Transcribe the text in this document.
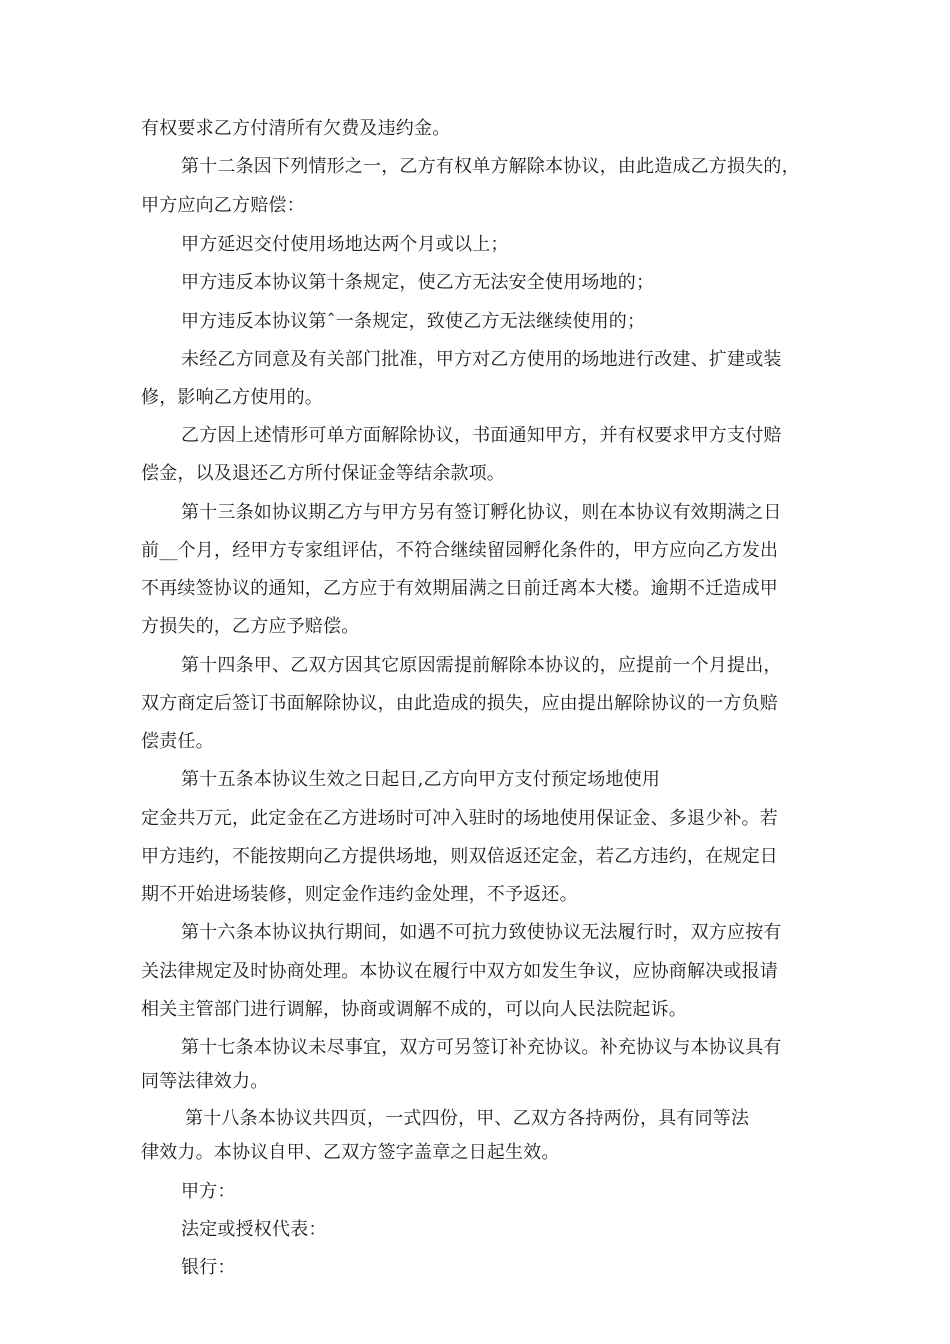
有权要求乙方付清所有欠费及违约金。
第十二条因下列情形之一，乙方有权单方解除本协议，由此造成乙方损失的，
甲方应向乙方赔偿：
甲方延迟交付使用场地达两个月或以上；
甲方违反本协议第十条规定，使乙方无法安全使用场地的；
甲方违反本协议第ˆ一条规定，致使乙方无法继续使用的；
未经乙方同意及有关部门批准，甲方对乙方使用的场地进行改建、扩建或装
修，影响乙方使用的。
乙方因上述情形可单方面解除协议，书面通知甲方，并有权要求甲方支付赔
偿金，以及退还乙方所付保证金等结余款项。
第十三条如协议期乙方与甲方另有签订孵化协议，则在本协议有效期满之日
前__个月，经甲方专家组评估，不符合继续留园孵化条件的，甲方应向乙方发出
不再续签协议的通知，乙方应于有效期届满之日前迁离本大楼。逾期不迁造成甲
方损失的，乙方应予赔偿。
第十四条甲、乙双方因其它原因需提前解除本协议的，应提前一个月提出，
双方商定后签订书面解除协议，由此造成的损失，应由提出解除协议的一方负赔
偿责任。
第十五条本协议生效之日起日,乙方向甲方支付预定场地使用
定金共万元，此定金在乙方进场时可冲入驻时的场地使用保证金、多退少补。若
甲方违约，不能按期向乙方提供场地，则双倍返还定金，若乙方违约，在规定日
期不开始进场装修，则定金作违约金处理，不予返还。
第十六条本协议执行期间，如遇不可抗力致使协议无法履行时，双方应按有
关法律规定及时协商处理。本协议在履行中双方如发生争议，应协商解决或报请
相关主管部门进行调解，协商或调解不成的，可以向人民法院起诉。
第十七条本协议未尽事宜，双方可另签订补充协议。补充协议与本协议具有
同等法律效力。
第十八条本协议共四页，一式四份，甲、乙双方各持两份，具有同等法
律效力。本协议自甲、乙双方签字盖章之日起生效。
甲方：
法定或授权代表：
银行：
